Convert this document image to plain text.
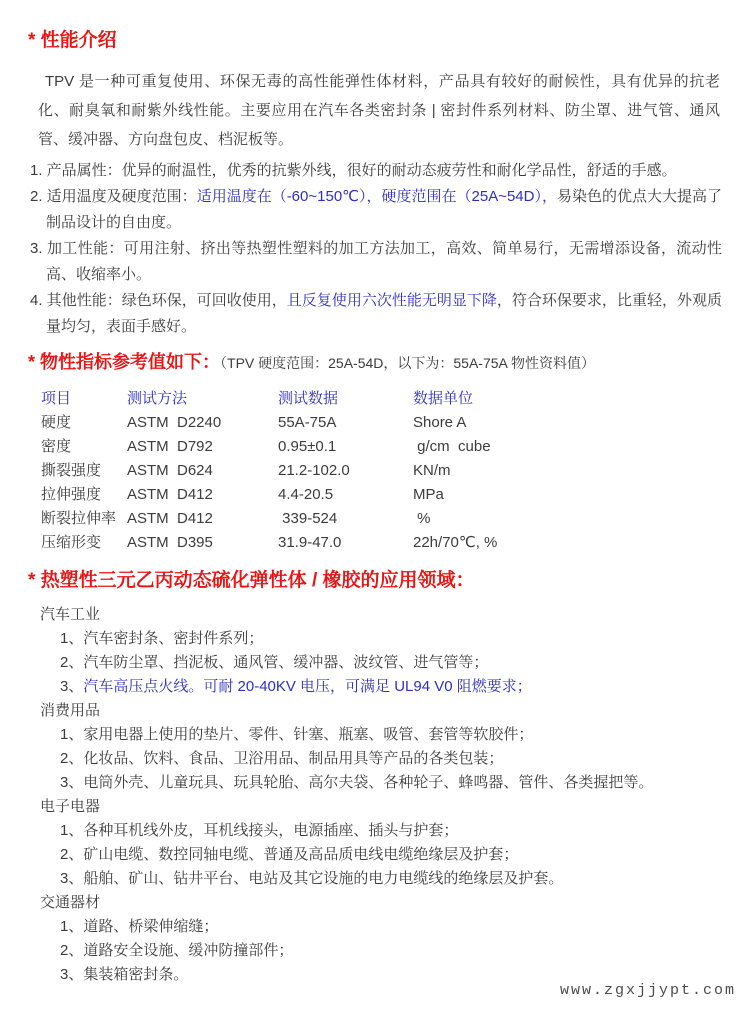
* 性能介绍

TPV 是一种可重复使用、环保无毒的高性能弹性体材料，产品具有较好的耐候性，具有优异的抗老化、耐臭氧和耐紫外线性能。主要应用在汽车各类密封条 | 密封件系列材料、防尘罩、进气管、通风管、缓冲器、方向盘包皮、档泥板等。

1. 产品属性：优异的耐温性，优秀的抗紫外线，很好的耐动态疲劳性和耐化学品性，舒适的手感。
2. 适用温度及硬度范围：适用温度在（-60~150℃），硬度范围在（25A~54D），易染色的优点大大提高了制品设计的自由度。
3. 加工性能：可用注射、挤出等热塑性塑料的加工方法加工，高效、简单易行，无需增添设备，流动性高、收缩率小。
4. 其他性能：绿色环保，可回收使用，且反复使用六次性能无明显下降，符合环保要求，比重轻，外观质量均匀，表面手感好。
* 物性指标参考值如下：（TPV 硬度范围：25A-54D，以下为：55A-75A 物性资料值）
项目	测试方法	测试数据	数据单位
硬度	ASTM  D2240	55A-75A	Shore A
密度	ASTM  D792	0.95±0.1	g/cm  cube
撕裂强度	ASTM  D624	21.2-102.0	KN/m
拉伸强度	ASTM  D412	4.4-20.5	MPa
断裂拉伸率 ASTM  D412	339-524	%
压缩形变	ASTM  D395	31.9-47.0	22h/70℃, %
* 热塑性三元乙丙动态硫化弹性体 / 橡胶的应用领域：
汽车工业
1、汽车密封条、密封件系列；
2、汽车防尘罩、挡泥板、通风管、缓冲器、波纹管、进气管等；
3、汽车高压点火线。可耐 20-40KV 电压，可满足 UL94 V0 阻燃要求；
消费用品
1、家用电器上使用的垫片、零件、针塞、瓶塞、吸管、套管等软胶件；
2、化妆品、饮料、食品、卫浴用品、制品用具等产品的各类包装；
3、电筒外壳、儿童玩具、玩具轮胎、高尔夫袋、各种轮子、蜂鸣器、管件、各类握把等。
电子电器
1、各种耳机线外皮，耳机线接头，电源插座、插头与护套；
2、矿山电缆、数控同轴电缆、普通及高品质电线电缆绝缘层及护套；
3、船舶、矿山、钻井平台、电站及其它设施的电力电缆线的绝缘层及护套。
交通器材
1、道路、桥梁伸缩缝；
2、道路安全设施、缓冲防撞部件；
3、集装箱密封条。
www.zgxjjypt.com
